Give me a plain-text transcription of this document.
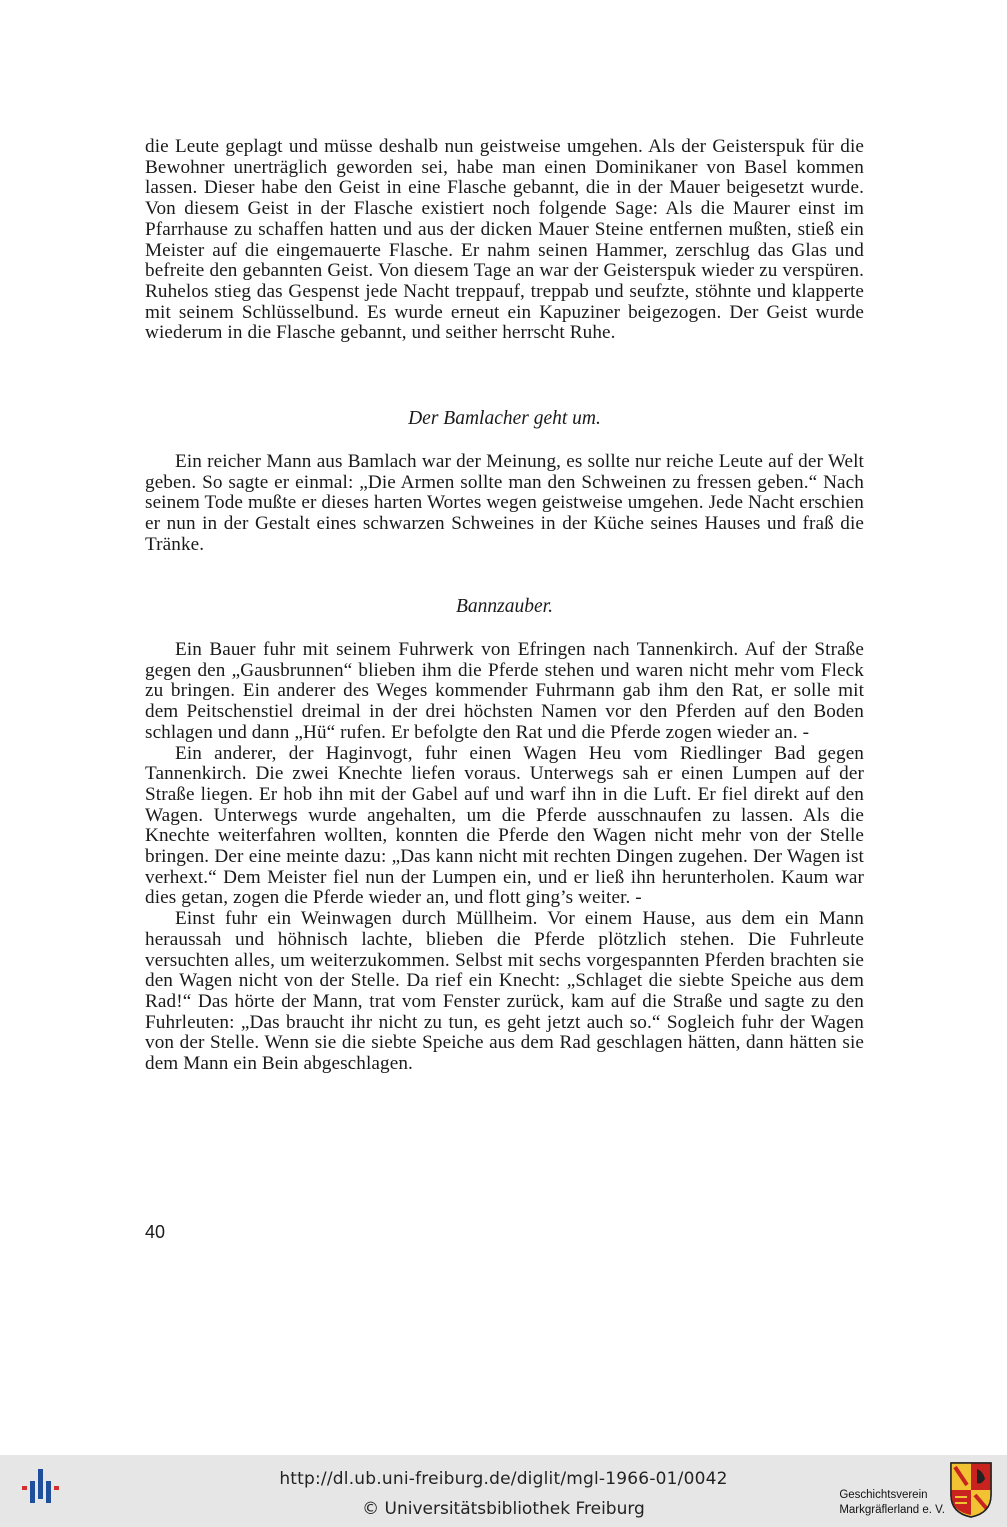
die Leute geplagt und müsse deshalb nun geistweise umgehen. Als der Geisterspuk für die Bewohner unerträglich geworden sei, habe man einen Dominikaner von Basel kommen lassen. Dieser habe den Geist in eine Flasche gebannt, die in der Mauer beigesetzt wurde. Von diesem Geist in der Flasche existiert noch folgende Sage: Als die Maurer einst im Pfarrhause zu schaffen hatten und aus der dicken Mauer Steine entfernen mußten, stieß ein Meister auf die eingemauerte Flasche. Er nahm seinen Hammer, zerschlug das Glas und befreite den gebannten Geist. Von diesem Tage an war der Geisterspuk wieder zu verspüren. Ruhelos stieg das Gespenst jede Nacht treppauf, treppab und seufzte, stöhnte und klapperte mit seinem Schlüsselbund. Es wurde erneut ein Kapuziner beigezogen. Der Geist wurde wiederum in die Flasche gebannt, und seither herrscht Ruhe.

Der Bamlacher geht um.

Ein reicher Mann aus Bamlach war der Meinung, es sollte nur reiche Leute auf der Welt geben. So sagte er einmal: „Die Armen sollte man den Schweinen zu fressen geben.“ Nach seinem Tode mußte er dieses harten Wortes wegen geistweise umgehen. Jede Nacht erschien er nun in der Gestalt eines schwarzen Schweines in der Küche seines Hauses und fraß die Tränke.

Bannzauber.

Ein Bauer fuhr mit seinem Fuhrwerk von Efringen nach Tannenkirch. Auf der Straße gegen den „Gausbrunnen“ blieben ihm die Pferde stehen und waren nicht mehr vom Fleck zu bringen. Ein anderer des Weges kommender Fuhrmann gab ihm den Rat, er solle mit dem Peitschenstiel dreimal in der drei höchsten Namen vor den Pferden auf den Boden schlagen und dann „Hü“ rufen. Er befolgte den Rat und die Pferde zogen wieder an. -

Ein anderer, der Haginvogt, fuhr einen Wagen Heu vom Riedlinger Bad gegen Tannenkirch. Die zwei Knechte liefen voraus. Unterwegs sah er einen Lumpen auf der Straße liegen. Er hob ihn mit der Gabel auf und warf ihn in die Luft. Er fiel direkt auf den Wagen. Unterwegs wurde angehalten, um die Pferde ausschnaufen zu lassen. Als die Knechte weiterfahren wollten, konnten die Pferde den Wagen nicht mehr von der Stelle bringen. Der eine meinte dazu: „Das kann nicht mit rechten Dingen zugehen. Der Wagen ist verhext.“ Dem Meister fiel nun der Lumpen ein, und er ließ ihn herunterholen. Kaum war dies getan, zogen die Pferde wieder an, und flott ging’s weiter. -

Einst fuhr ein Weinwagen durch Müllheim. Vor einem Hause, aus dem ein Mann heraussah und höhnisch lachte, blieben die Pferde plötzlich stehen. Die Fuhrleute versuchten alles, um weiterzukommen. Selbst mit sechs vorgespannten Pferden brachten sie den Wagen nicht von der Stelle. Da rief ein Knecht: „Schlaget die siebte Speiche aus dem Rad!“ Das hörte der Mann, trat vom Fenster zurück, kam auf die Straße und sagte zu den Fuhrleuten: „Das braucht ihr nicht zu tun, es geht jetzt auch so.“ Sogleich fuhr der Wagen von der Stelle. Wenn sie die siebte Speiche aus dem Rad geschlagen hätten, dann hätten sie dem Mann ein Bein abgeschlagen.

40
http://dl.ub.uni-freiburg.de/diglit/mgl-1966-01/0042
© Universitätsbibliothek Freiburg
Geschichtsverein
Markgräflerland e. V.
